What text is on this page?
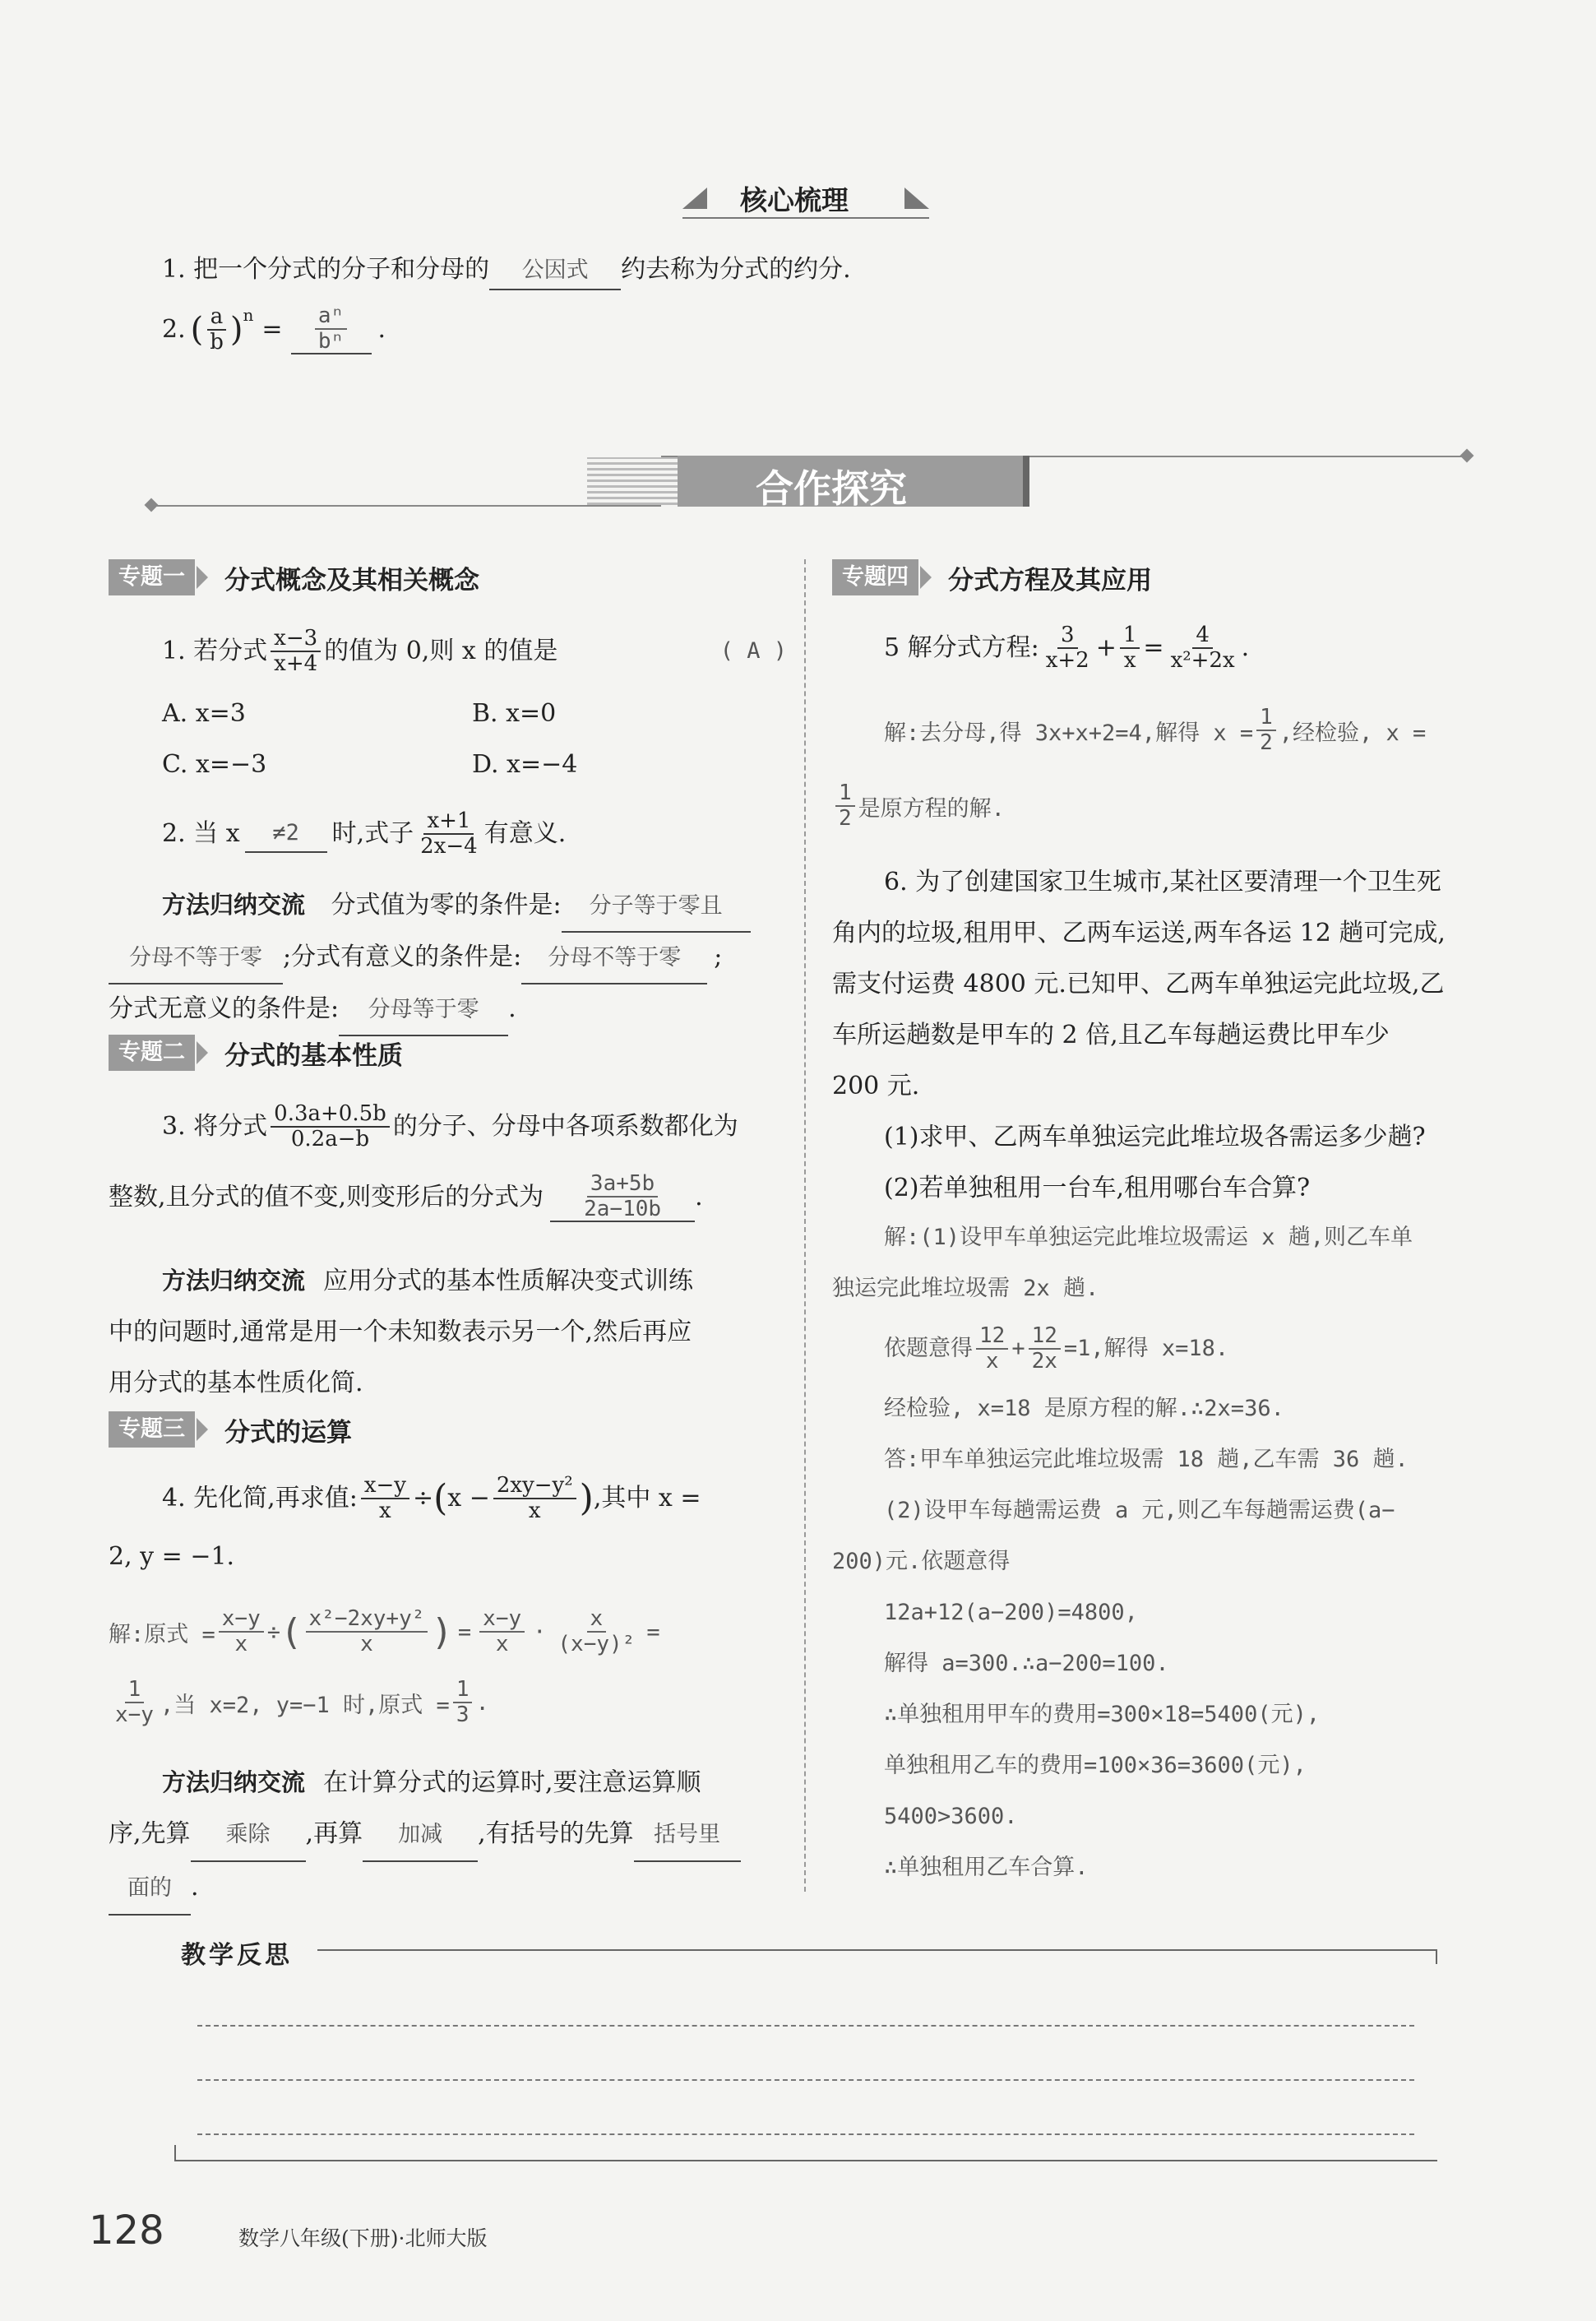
核心梳理
1. 把一个分式的分子和分母的 公因式 约去称为分式的约分.
2. ( $\frac{a}{b}$ ) $n = \frac{\text{aⁿ}}{\text{bⁿ}}$ .
合作探究
专题一	分式概念及其相关概念
1. 若分式 $\frac{x-3}{x+4}$ 的值为 0,则 x 的值是	( A )
A. x=3	B. x=0
C. x=−3	D. x=−4
2. 当 x	≠2	时,式子 $\frac{x+1}{2x-4}$ 有意义.
方法归纳交流 分式值为零的条件是: 分子等于零且
分母不等于零 ;分式有意义的条件是: 分母不等于零 ;
分式无意义的条件是: 分母等于零 .
专题二	分式的基本性质
3. 将分式 $\frac{0.3a+0.5b}{0.2a-b}$ 的分子、分母中各项系数都化为
整数,且分式的值不变,则变形后的分式为 $\frac{3a+5b}{2a-10b}$ .
方法归纳交流 应用分式的基本性质解决变式训练
中的问题时,通常是用一个未知数表示另一个,然后再应
用分式的基本性质化简.
专题三	分式的运算
4. 先化简,再求值: $\frac{x-y}{x}$ ÷ ( $x - \frac{\text{2xy−y²}}{x}$ ) ,其中 x =
2, y = −1.
解:原式 = $\frac{x-y}{x}$ ÷ ( $\frac{\text{x²−2xy+y²}}{x}$ ) = $\frac{x-y}{x} \cdot \frac{x}{\text{(x−y)²}}$ =
$\frac{1}{x-y}$ ,当 x=2, y=−1 时,原式 = $\frac{1}{3}$ .
方法归纳交流 在计算分式的运算时,要注意运算顺
序,先算 乘除 ,再算 加减 ,有括号的先算 括号里
面的 .
专题四	分式方程及其应用
5 解分式方程: $\frac{3}{x+2} + \frac{1}{x} = \frac{4}{\text{x²+2x}}$ .
解:去分母,得 3x+x+2=4,解得 $x = \frac{1}{2}$ ,经检验, x =
$\frac{1}{2}$ 是原方程的解.
6. 为了创建国家卫生城市,某社区要清理一个卫生死
角内的垃圾,租用甲、乙两车运送,两车各运 12 趟可完成,
需支付运费 4800 元.已知甲、乙两车单独运完此垃圾,乙
车所运趟数是甲车的 2 倍,且乙车每趟运费比甲车少
200 元.
(1)求甲、乙两车单独运完此堆垃圾各需运多少趟?
(2)若单独租用一台车,租用哪台车合算?
解:(1)设甲车单独运完此堆垃圾需运 x 趟,则乙车单
独运完此堆垃圾需 2x 趟.
依题意得 $\frac{12}{x} + \frac{12}{2x} =1$,解得 x=18.
经检验, x=18 是原方程的解.∴2x=36.
答:甲车单独运完此堆垃圾需 18 趟,乙车需 36 趟.
(2)设甲车每趟需运费 a 元,则乙车每趟需运费(a−
200)元.依题意得
12a+12(a−200)=4800,
解得 a=300.∴a−200=100.
∴单独租用甲车的费用=300×18=5400(元),
单独租用乙车的费用=100×36=3600(元),
5400>3600.
∴单独租用乙车合算.
教学反思
128	数学八年级(下册)·北师大版
